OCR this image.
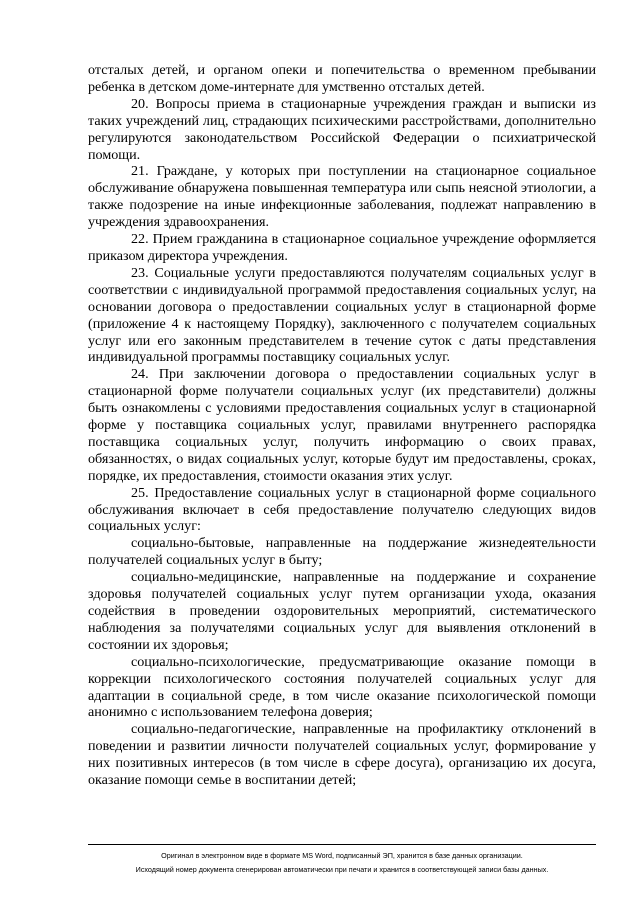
отсталых детей, и органом опеки и попечительства о временном пребывании ребенка в детском доме-интернате для умственно отсталых детей.

20. Вопросы приема в стационарные учреждения граждан и выписки из таких учреждений лиц, страдающих психическими расстройствами, дополнительно регулируются законодательством Российской Федерации о психиатрической помощи.

21. Граждане, у которых при поступлении на стационарное социальное обслуживание обнаружена повышенная температура или сыпь неясной этиологии, а также подозрение на иные инфекционные заболевания, подлежат направлению в учреждения здравоохранения.

22. Прием гражданина в стационарное социальное учреждение оформляется приказом директора учреждения.

23. Социальные услуги предоставляются получателям социальных услуг в соответствии с индивидуальной программой предоставления социальных услуг, на основании договора о предоставлении социальных услуг в стационарной форме (приложение 4 к настоящему Порядку), заключенного с получателем социальных услуг или его законным представителем в течение суток с даты представления индивидуальной программы поставщику социальных услуг.

24. При заключении договора о предоставлении социальных услуг в стационарной форме получатели социальных услуг (их представители) должны быть ознакомлены с условиями предоставления социальных услуг в стационарной форме у поставщика социальных услуг, правилами внутреннего распорядка поставщика социальных услуг, получить информацию о своих правах, обязанностях, о видах социальных услуг, которые будут им предоставлены, сроках, порядке, их предоставления, стоимости оказания этих услуг.

25. Предоставление социальных услуг в стационарной форме социального обслуживания включает в себя предоставление получателю следующих видов социальных услуг:

социально-бытовые, направленные на поддержание жизнедеятельности получателей социальных услуг в быту;

социально-медицинские, направленные на поддержание и сохранение здоровья получателей социальных услуг путем организации ухода, оказания содействия в проведении оздоровительных мероприятий, систематического наблюдения за получателями социальных услуг для выявления отклонений в состоянии их здоровья;

социально-психологические, предусматривающие оказание помощи в коррекции психологического состояния получателей социальных услуг для адаптации в социальной среде, в том числе оказание психологической помощи анонимно с использованием телефона доверия;

социально-педагогические, направленные на профилактику отклонений в поведении и развитии личности получателей социальных услуг, формирование у них позитивных интересов (в том числе в сфере досуга), организацию их досуга, оказание помощи семье в воспитании детей;

Оригинал в электронном виде в формате MS Word, подписанный ЭП, хранится в базе данных организации.
Исходящий номер документа сгенерирован автоматически при печати и хранится в соответствующей записи базы данных.
